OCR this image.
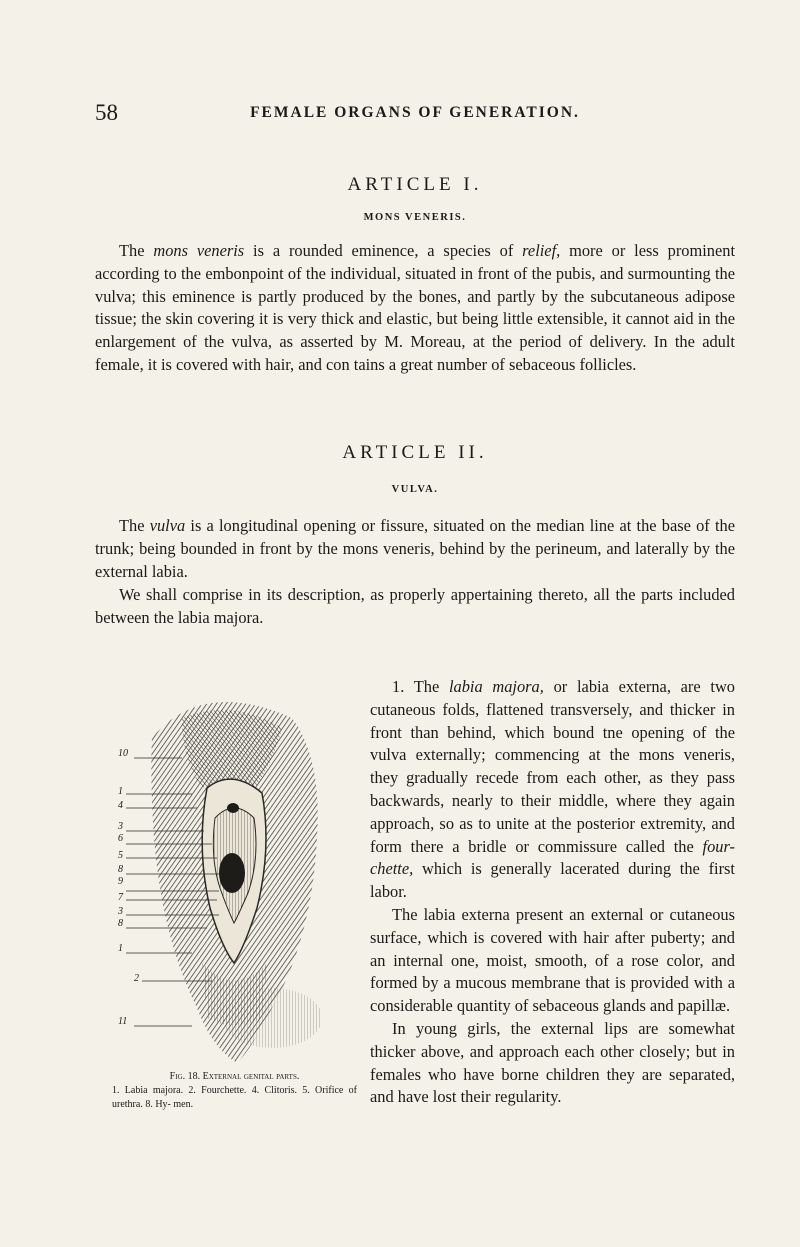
58	FEMALE ORGANS OF GENERATION.
ARTICLE I.
MONS VENERIS.

The mons veneris is a rounded eminence, a species of relief, more or less prominent according to the embonpoint of the individual, situated in front of the pubis, and surmounting the vulva; this eminence is partly produced by the bones, and partly by the subcutaneous adipose tissue; the skin covering it is very thick and elastic, but being little extensible, it cannot aid in the enlargement of the vulva, as asserted by M. Moreau, at the period of delivery. In the adult female, it is covered with hair, and con tains a great number of sebaceous follicles.

ARTICLE II.
VULVA.

The vulva is a longitudinal opening or fissure, situated on the median line at the base of the trunk; being bounded in front by the mons veneris, behind by the perineum, and laterally by the external labia.

We shall comprise in its description, as properly appertaining thereto, all the parts included between the labia majora.

1. The labia majora, or labia externa, are two cutaneous folds, flattened transversely, and thicker in front than behind, which bound tne opening of the vulva externally; commencing at the mons veneris, they gradually recede from each other, as they pass backwards, nearly to their middle, where they again approach, so as to unite at the posterior extremity, and form there a bridle or commissure called the four- chette, which is generally lacerated during the first labor.

The labia externa present an external or cutaneous surface, which is covered with hair after puberty; and an internal one, moist, smooth, of a rose color, and formed by a mucous membrane that is provided with a considerable quantity of sebaceous glands and papillæ.

In young girls, the external lips are somewhat thicker above, and approach each other closely; but in females who have borne children they are separated, and have lost their regularity.

10
1
4
3
6
5
8
9
7
3
8
1
2
11
Fig. 18. External genital parts.
1. Labia majora. 2. Fourchette. 4. Clitoris. 5. Orifice of urethra. 8. Hy- men.
